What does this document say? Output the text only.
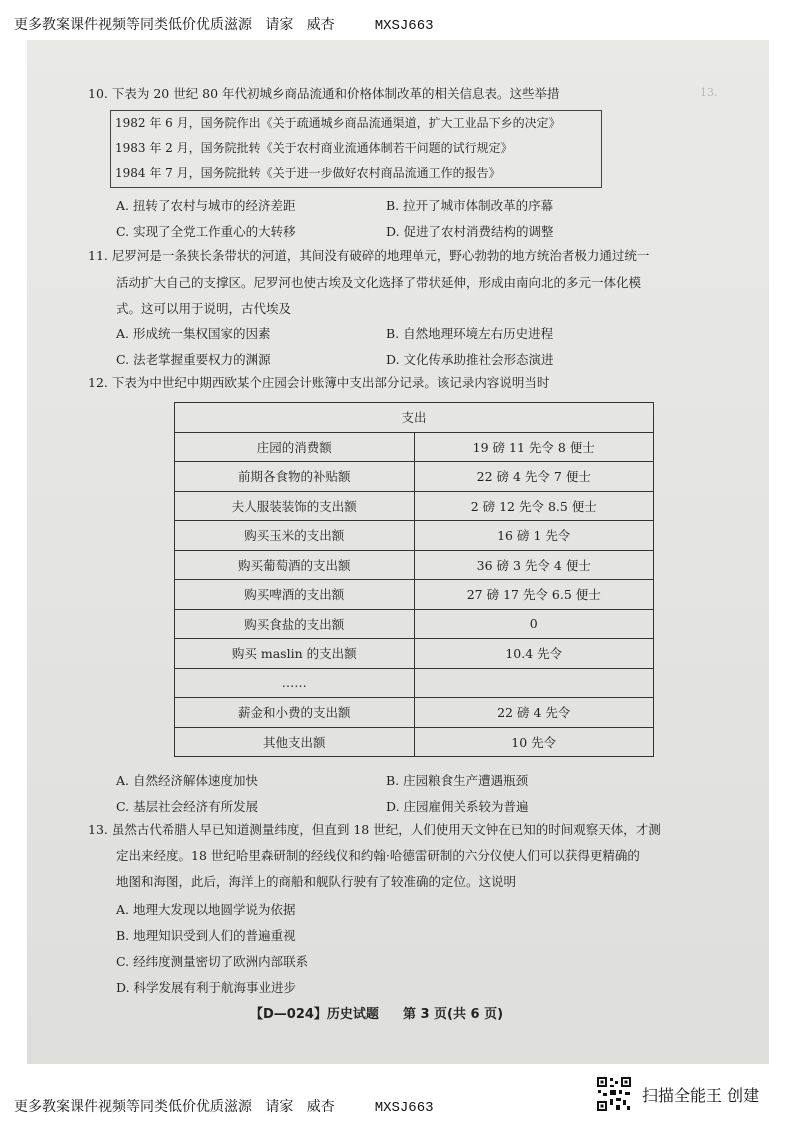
更多教案课件视频等同类低价优质滋源   请家   威杏	MXSJ663
13.
10. 下表为 20 世纪 80 年代初城乡商品流通和价格体制改革的相关信息表。这些举措
1982 年 6 月，国务院作出《关于疏通城乡商品流通渠道，扩大工业品下乡的决定》
1983 年 2 月，国务院批转《关于农村商业流通体制若干问题的试行规定》
1984 年 7 月，国务院批转《关于进一步做好农村商品流通工作的报告》
A. 扭转了农村与城市的经济差距	B. 拉开了城市体制改革的序幕
C. 实现了全党工作重心的大转移	D. 促进了农村消费结构的调整
11. 尼罗河是一条狭长条带状的河道，其间没有破碎的地理单元，野心勃勃的地方统治者极力通过统一
活动扩大自己的支撑区。尼罗河也使古埃及文化选择了带状延伸，形成由南向北的多元一体化模
式。这可以用于说明，古代埃及
A. 形成统一集权国家的因素	B. 自然地理环境左右历史进程
C. 法老掌握重要权力的渊源	D. 文化传承助推社会形态演进
12. 下表为中世纪中期西欧某个庄园会计账簿中支出部分记录。该记录内容说明当时
支出	
庄园的消费额	19 磅 11 先令 8 便士
前期各食物的补贴额	22 磅 4 先令 7 便士
夫人服装装饰的支出额	2 磅 12 先令 8.5 便士
购买玉米的支出额	16 磅 1 先令
购买葡萄酒的支出额	36 磅 3 先令 4 便士
购买啤酒的支出额	27 磅 17 先令 6.5 便士
购买食盐的支出额	0
购买 maslin 的支出额	10.4 先令
……	
薪金和小费的支出额	22 磅 4 先令
其他支出额	10 先令
A. 自然经济解体速度加快	B. 庄园粮食生产遭遇瓶颈
C. 基层社会经济有所发展	D. 庄园雇佣关系较为普遍
13. 虽然古代希腊人早已知道测量纬度，但直到 18 世纪，人们使用天文钟在已知的时间观察天体，才测
定出来经度。18 世纪哈里森研制的经线仪和约翰·哈德雷研制的六分仪使人们可以获得更精确的
地图和海图，此后，海洋上的商船和舰队行驶有了较准确的定位。这说明
A. 地理大发现以地圆学说为依据
B. 地理知识受到人们的普遍重视
C. 经纬度测量密切了欧洲内部联系
D. 科学发展有利于航海事业进步
【D—024】历史试题 第 3 页(共 6 页)
更多教案课件视频等同类低价优质滋源   请家   威杏	MXSJ663
扫描全能王 创建
